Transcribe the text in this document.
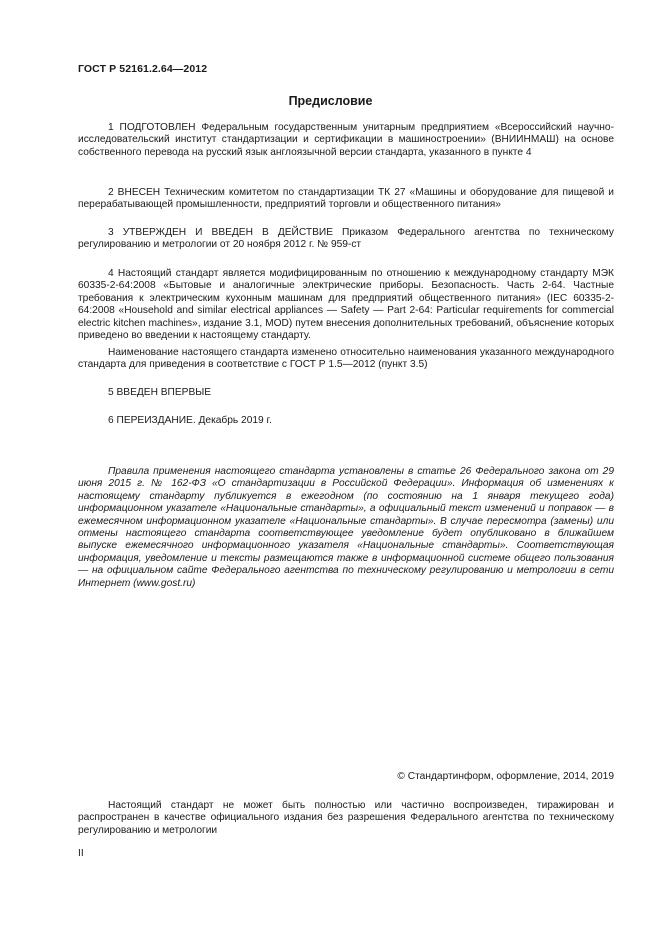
ГОСТ Р 52161.2.64—2012
Предисловие

1 ПОДГОТОВЛЕН Федеральным государственным унитарным предприятием «Всероссийский научно-исследовательский институт стандартизации и сертификации в машиностроении» (ВНИИНМАШ) на основе собственного перевода на русский язык англоязычной версии стандарта, указанного в пункте 4

2 ВНЕСЕН Техническим комитетом по стандартизации ТК 27 «Машины и оборудование для пищевой и перерабатывающей промышленности, предприятий торговли и общественного питания»

3 УТВЕРЖДЕН И ВВЕДЕН В ДЕЙСТВИЕ Приказом Федерального агентства по техническому регулированию и метрологии от 20 ноября 2012 г. № 959-ст

4 Настоящий стандарт является модифицированным по отношению к международному стандарту МЭК 60335-2-64:2008 «Бытовые и аналогичные электрические приборы. Безопасность. Часть 2-64. Частные требования к электрическим кухонным машинам для предприятий общественного питания» (IEC 60335-2-64:2008 «Household and similar electrical appliances — Safety — Part 2-64: Particular requirements for commercial electric kitchen machines», издание 3.1, MOD) путем внесения дополнительных требований, объяснение которых приведено во введении к настоящему стандарту.

Наименование настоящего стандарта изменено относительно наименования указанного международного стандарта для приведения в соответствие с ГОСТ Р 1.5—2012 (пункт 3.5)

5 ВВЕДЕН ВПЕРВЫЕ

6 ПЕРЕИЗДАНИЕ. Декабрь 2019 г.

Правила применения настоящего стандарта установлены в статье 26 Федерального закона от 29 июня 2015 г. № 162-ФЗ «О стандартизации в Российской Федерации». Информация об изменениях к настоящему стандарту публикуется в ежегодном (по состоянию на 1 января текущего года) информационном указателе «Национальные стандарты», а официальный текст изменений и поправок — в ежемесячном информационном указателе «Национальные стандарты». В случае пересмотра (замены) или отмены настоящего стандарта соответствующее уведомление будет опубликовано в ближайшем выпуске ежемесячного информационного указателя «Национальные стандарты». Соответствующая информация, уведомление и тексты размещаются также в информационной системе общего пользования — на официальном сайте Федерального агентства по техническому регулированию и метрологии в сети Интернет (www.gost.ru)

© Стандартинформ, оформление, 2014, 2019

Настоящий стандарт не может быть полностью или частично воспроизведен, тиражирован и распространен в качестве официального издания без разрешения Федерального агентства по техническому регулированию и метрологии

II
